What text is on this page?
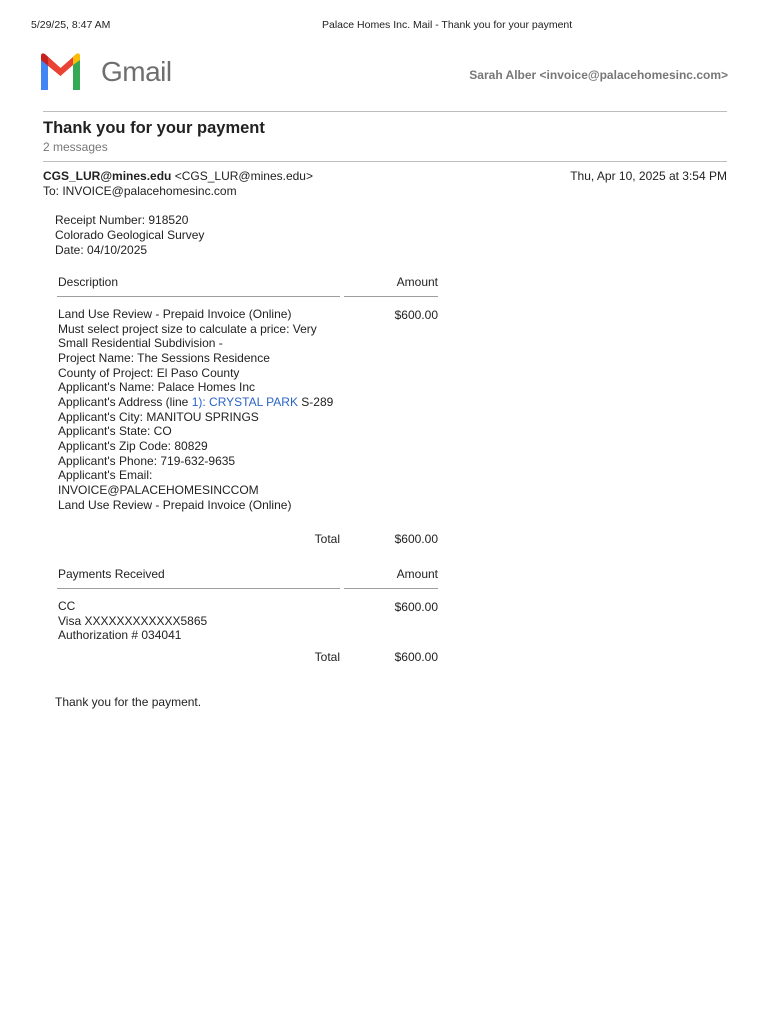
5/29/25, 8:47 AM	Palace Homes Inc. Mail - Thank you for your payment
Gmail	Sarah Alber <invoice@palacehomesinc.com>
Thank you for your payment
2 messages
CGS_LUR@mines.edu <CGS_LUR@mines.edu>
To: INVOICE@palacehomesinc.com
Thu, Apr 10, 2025 at 3:54 PM
Receipt Number: 918520
Colorado Geological Survey
Date: 04/10/2025
Description	Amount
Land Use Review - Prepaid Invoice (Online)
Must select project size to calculate a price: Very
Small Residential Subdivision -
Project Name: The Sessions Residence
County of Project: El Paso County
Applicant's Name: Palace Homes Inc
Applicant's Address (line 1): CRYSTAL PARK S-289
Applicant's City: MANITOU SPRINGS
Applicant's State: CO
Applicant's Zip Code: 80829
Applicant's Phone: 719-632-9635
Applicant's Email:
INVOICE@PALACEHOMESINCCOM
Land Use Review - Prepaid Invoice (Online)
$600.00
Total	$600.00
Payments Received	Amount
CC
Visa XXXXXXXXXXXX5865
Authorization # 034041
$600.00
Total	$600.00
Thank you for the payment.
